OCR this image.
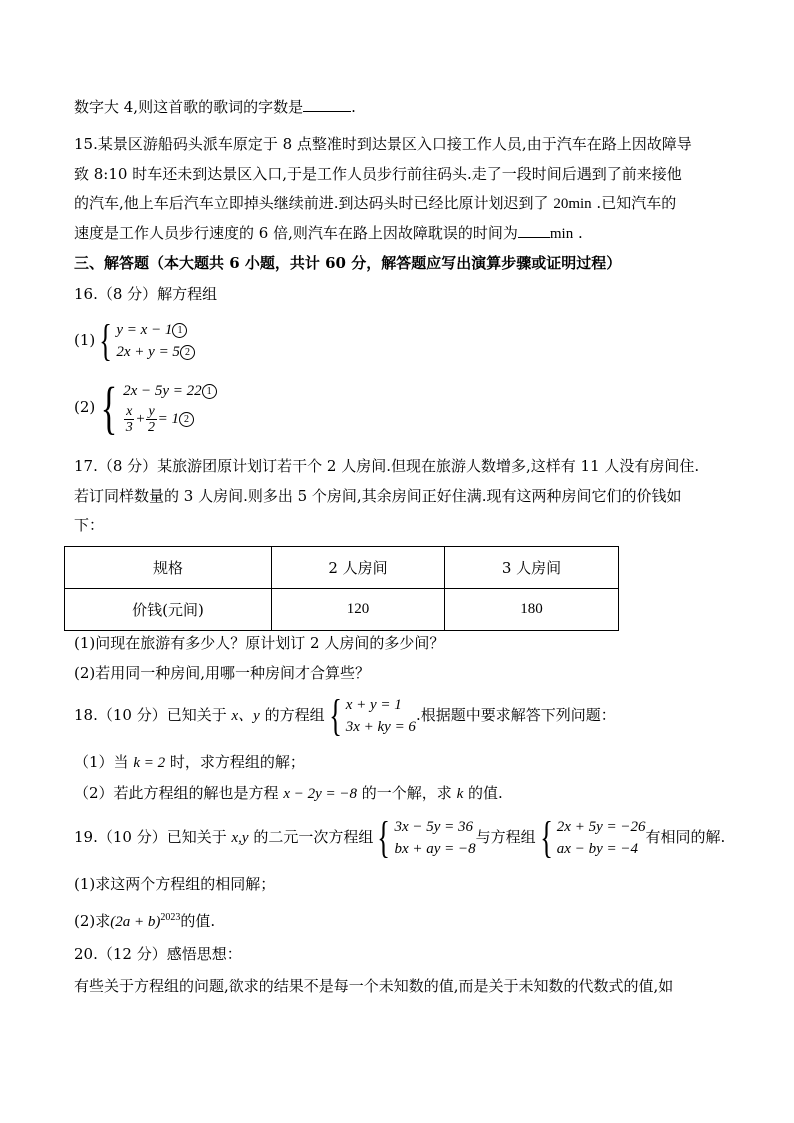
数字大 4,则这首歌的歌词的字数是	.
15.某景区游船码头派车原定于 8 点整准时到达景区入口接工作人员,由于汽车在路上因故障导
致 8:10 时车还未到达景区入口,于是工作人员步行前往码头.走了一段时间后遇到了前来接他
的汽车,他上车后汽车立即掉头继续前进.到达码头时已经比原计划迟到了 20min .已知汽车的
速度是工作人员步行速度的 6 倍,则汽车在路上因故障耽误的时间为 min .
三、解答题（本大题共 6 小题，共计 60 分，解答题应写出演算步骤或证明过程）
16.（8 分）解方程组
(1){ y = x − 1 1
2x + y = 5 2
(2){ 2x − 5y = 22 1
$\frac{x}{3} + \frac{y}{2} = 1$ 2
17.（8 分）某旅游团原计划订若干个 2 人房间.但现在旅游人数增多,这样有 11 人没有房间住.
若订同样数量的 3 人房间.则多出 5 个房间,其余房间正好住满.现有这两种房间它们的价钱如
下：
规格	2 人房间	3 人房间
价钱(元间)	120	180
(1)问现在旅游有多少人？原计划订 2 人房间的多少间？
(2)若用同一种房间,用哪一种房间才合算些？
18.（10 分）已知关于 x、y 的方程组{ x + y = 1
3x + ky = 6
.根据题中要求解答下列问题：
（1）当 k = 2 时，求方程组的解；
（2）若此方程组的解也是方程 x − 2y = −8 的一个解，求 k 的值.
19.（10 分）已知关于 x,y 的二元一次方程组{ 3x − 5y = 36
bx + ay = −8
与方程组{ 2x + 5y = −26
ax − by = −4
有相同的解.
(1)求这两个方程组的相同解；
(2)求$(2a + b)^{2023}$的值.
20.（12 分）感悟思想：
有些关于方程组的问题,欲求的结果不是每一个未知数的值,而是关于未知数的代数式的值,如
